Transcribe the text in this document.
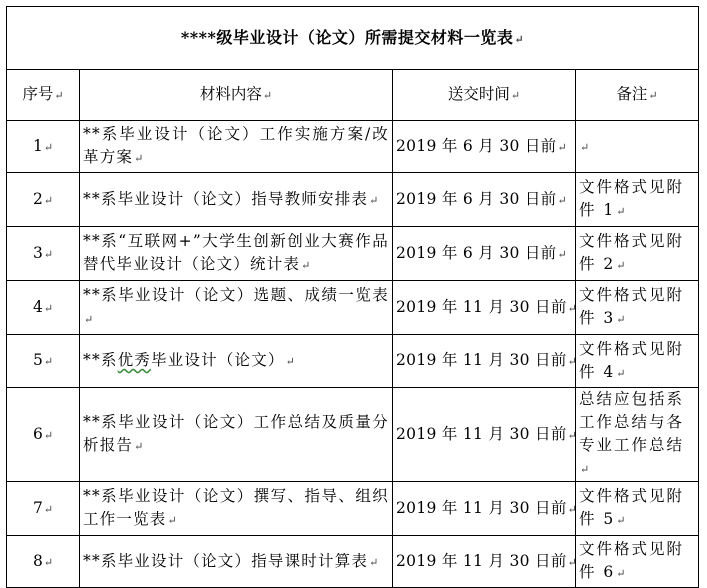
****级毕业设计（论文）所需提交材料一览表↵			
序号↵	材料内容↵	送交时间↵	备注↵
1↵	**系毕业设计（论文）工作实施方案/改革方案↵	2019 年 6 月 30 日前↵	↵
2↵	**系毕业设计（论文）指导教师安排表↵	2019 年 6 月 30 日前↵	文件格式见附件 1↵
3↵	**系“互联网+”大学生创新创业大赛作品替代毕业设计（论文）统计表↵	2019 年 6 月 30 日前↵	文件格式见附件 2↵
4↵	**系毕业设计（论文）选题、成绩一览表↵	2019 年 11 月 30 日前↵	文件格式见附件 3↵
5↵	**系优秀毕业设计（论文）↵	2019 年 11 月 30 日前↵	文件格式见附件 4↵
6↵	**系毕业设计（论文）工作总结及质量分析报告↵	2019 年 11 月 30 日前↵	总结应包括系工作总结与各专业工作总结↵
7↵	**系毕业设计（论文）撰写、指导、组织工作一览表↵	2019 年 11 月 30 日前↵	文件格式见附件 5↵
8↵	**系毕业设计（论文）指导课时计算表↵	2019 年 11 月 30 日前↵	文件格式见附件 6↵
